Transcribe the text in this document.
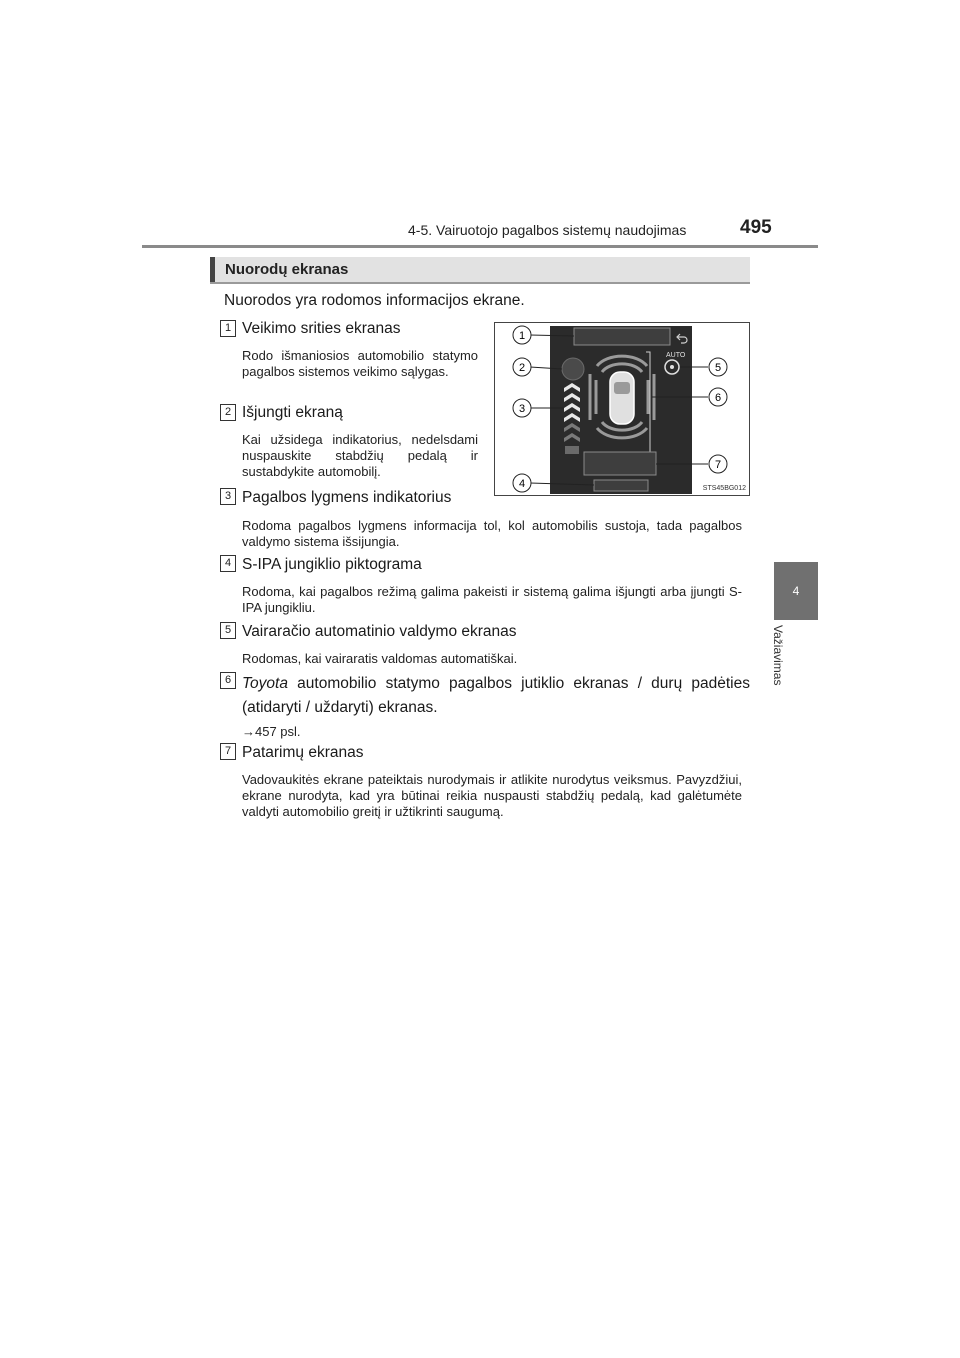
4-5. Vairuotojo pagalbos sistemų naudojimas	495
4
Važiavimas
Nuorodų ekranas
Nuorodos yra rodomos informacijos ekrane.
1 Veikimo srities ekranas
Rodo išmaniosios automobilio statymo pagalbos sistemos veikimo sąlygas.
2 Išjungti ekraną
Kai užsidega indikatorius, nedelsdami nuspauskite stabdžių pedalą ir sustabdykite automobilį.
3 Pagalbos lygmens indikatorius
Rodoma pagalbos lygmens informacija tol, kol automobilis sustoja, tada pagalbos valdymo sistema išsijungia.
4 S-IPA jungiklio piktograma
Rodoma, kai pagalbos režimą galima pakeisti ir sistemą galima išjungti arba įjungti S-IPA jungikliu.
5 Vairaračio automatinio valdymo ekranas
Rodomas, kai vairaratis valdomas automatiškai.
6 Toyota automobilio statymo pagalbos jutiklio ekranas / durų padėties (atidaryti / uždaryti) ekranas.
→457 psl.
7 Patarimų ekranas
Vadovaukitės ekrane pateiktais nurodymais ir atlikite nurodytus veiksmus. Pavyzdžiui, ekrane nurodyta, kad yra būtinai reikia nuspausti stabdžių pedalą, kad galėtumėte valdyti automobilio greitį ir užtikrinti saugumą.
AUTO
1
2
3
4
5
6
7
STS45BG012
